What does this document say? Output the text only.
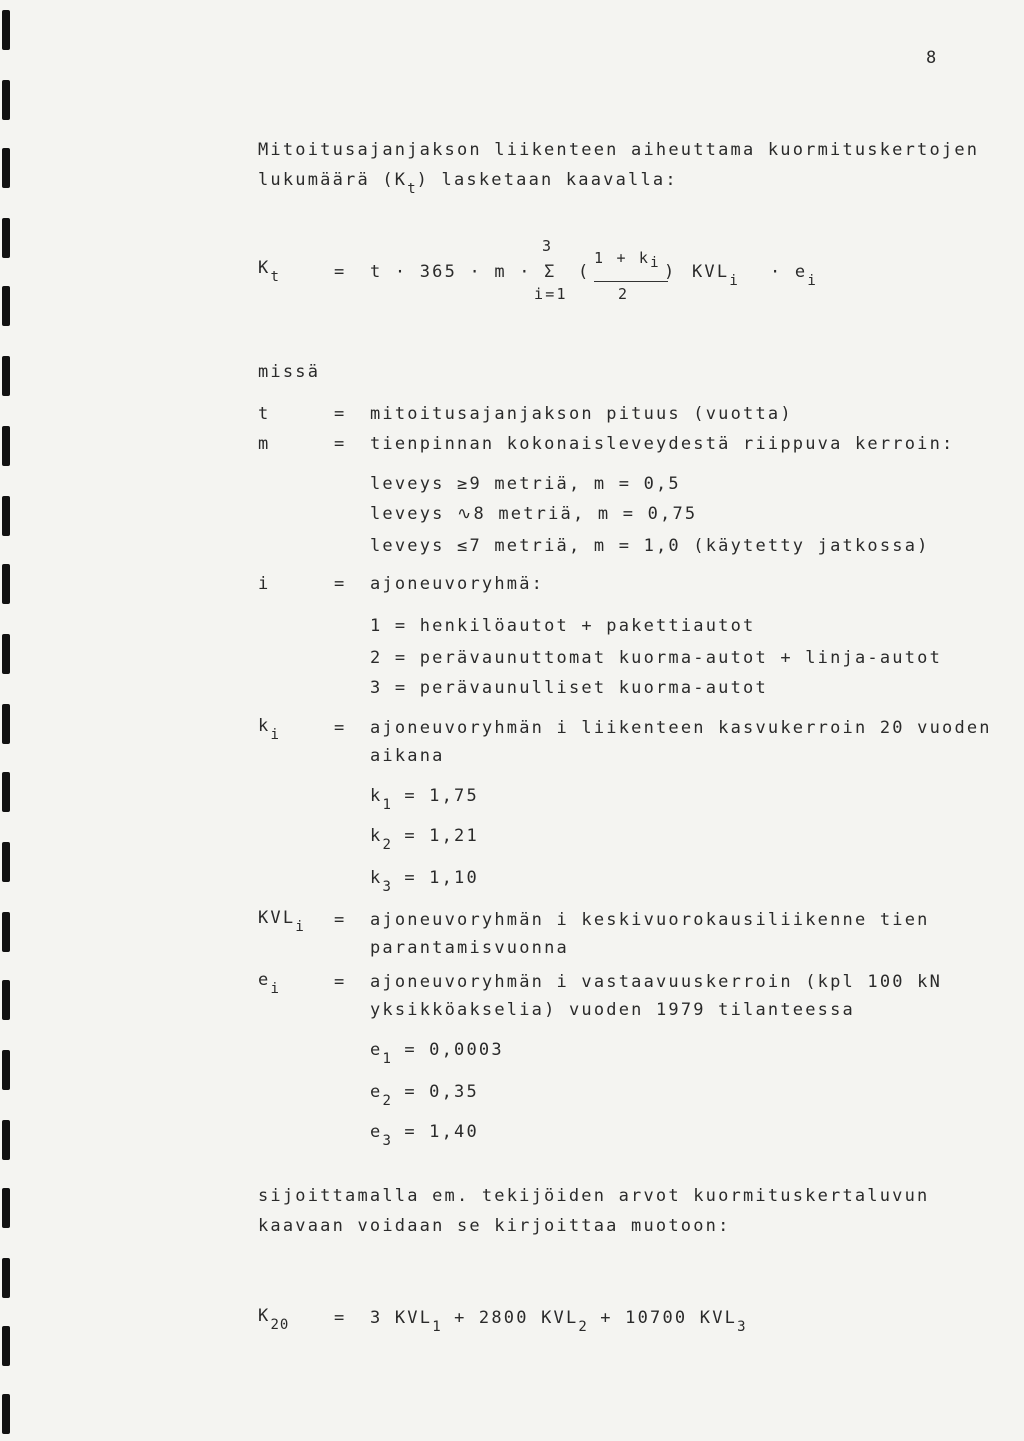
8
Mitoitusajanjakson liikenteen aiheuttama kuormituskertojen
lukumäärä $(K_t)$ lasketaan kaavalla:
$K_t$	= t · 365 · m · Σ
3
i=1
(
1 + ki )
2
$KVL_i \cdot e_i$
missä
t	= mitoitusajanjakson pituus (vuotta)
m	= tienpinnan kokonaisleveydestä riippuva kerroin:
leveys ≥9 metriä, m = 0,5
leveys ∿8 metriä, m = 0,75
leveys ≤7 metriä, m = 1,0 (käytetty jatkossa)
i	= ajoneuvoryhmä:
1 = henkilöautot + pakettiautot
2 = perävaunuttomat kuorma-autot + linja-autot
3 = perävaunulliset kuorma-autot
$k_i$	= ajoneuvoryhmän i liikenteen kasvukerroin 20 vuoden
aikana
$k_1 = 1,75$
$k_2 = 1,21$
$k_3 = 1,10$
$KVL_i$ = ajoneuvoryhmän i keskivuorokausiliikenne tien
parantamisvuonna
$e_i$	= ajoneuvoryhmän i vastaavuuskerroin (kpl 100 kN
yksikköakselia) vuoden 1979 tilanteessa
$e_1 = 0,0003$
$e_2 = 0,35$
$e_3 = 1,40$
sijoittamalla em. tekijöiden arvot kuormituskertaluvun
kaavaan voidaan se kirjoittaa muotoon:
$K_{20}$	= 3 $KVL_1 + 2800$ $KVL_2 + 10700$ $KVL_3$
